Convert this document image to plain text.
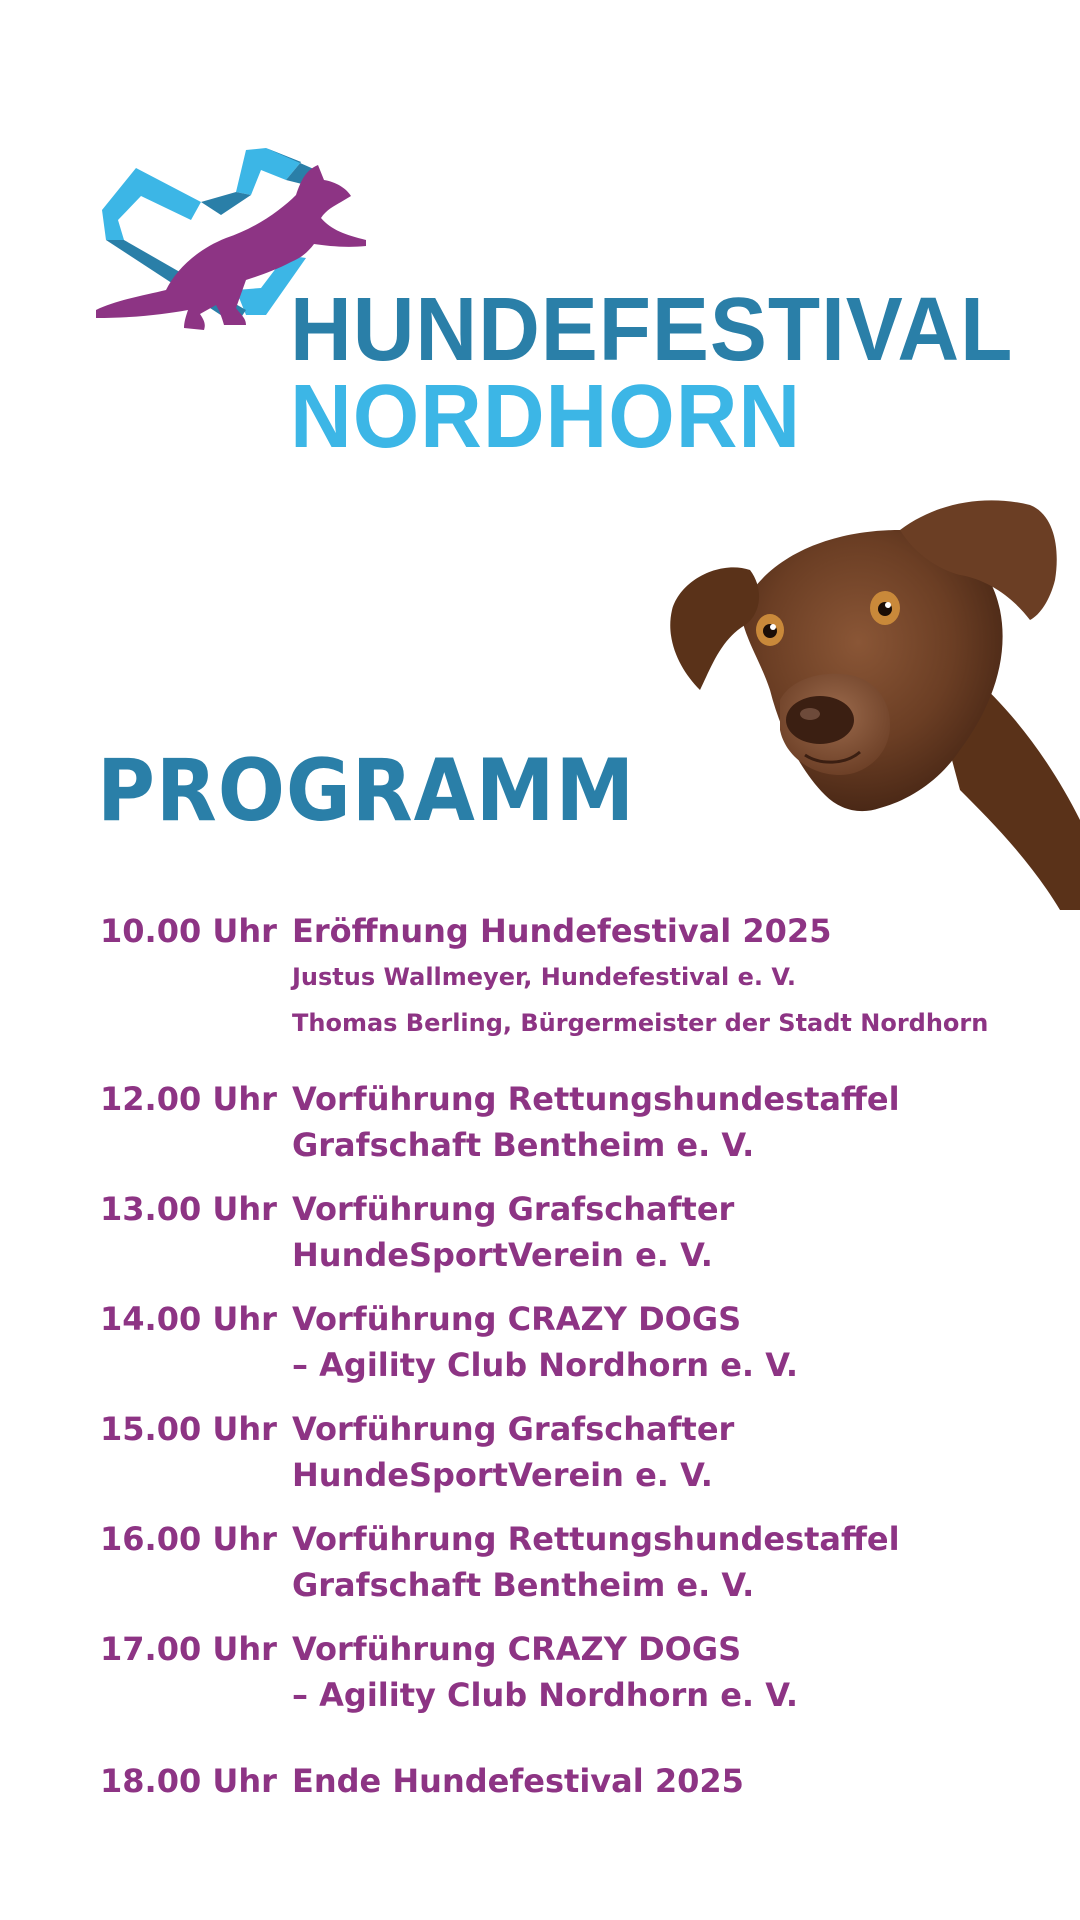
HUNDEFESTIVAL
NORDHORN
PROGRAMM
10.00 Uhr Eröffnung Hundefestival 2025
Justus Wallmeyer, Hundefestival e. V.
Thomas Berling, Bürgermeister der Stadt Nordhorn
12.00 Uhr Vorführung Rettungshundestaffel
Grafschaft Bentheim e. V.
13.00 Uhr Vorführung Grafschafter
HundeSportVerein e. V.
14.00 Uhr Vorführung CRAZY DOGS
– Agility Club Nordhorn e. V.
15.00 Uhr Vorführung Grafschafter
HundeSportVerein e. V.
16.00 Uhr Vorführung Rettungshundestaffel
Grafschaft Bentheim e. V.
17.00 Uhr Vorführung CRAZY DOGS
– Agility Club Nordhorn e. V.
18.00 Uhr Ende Hundefestival 2025
